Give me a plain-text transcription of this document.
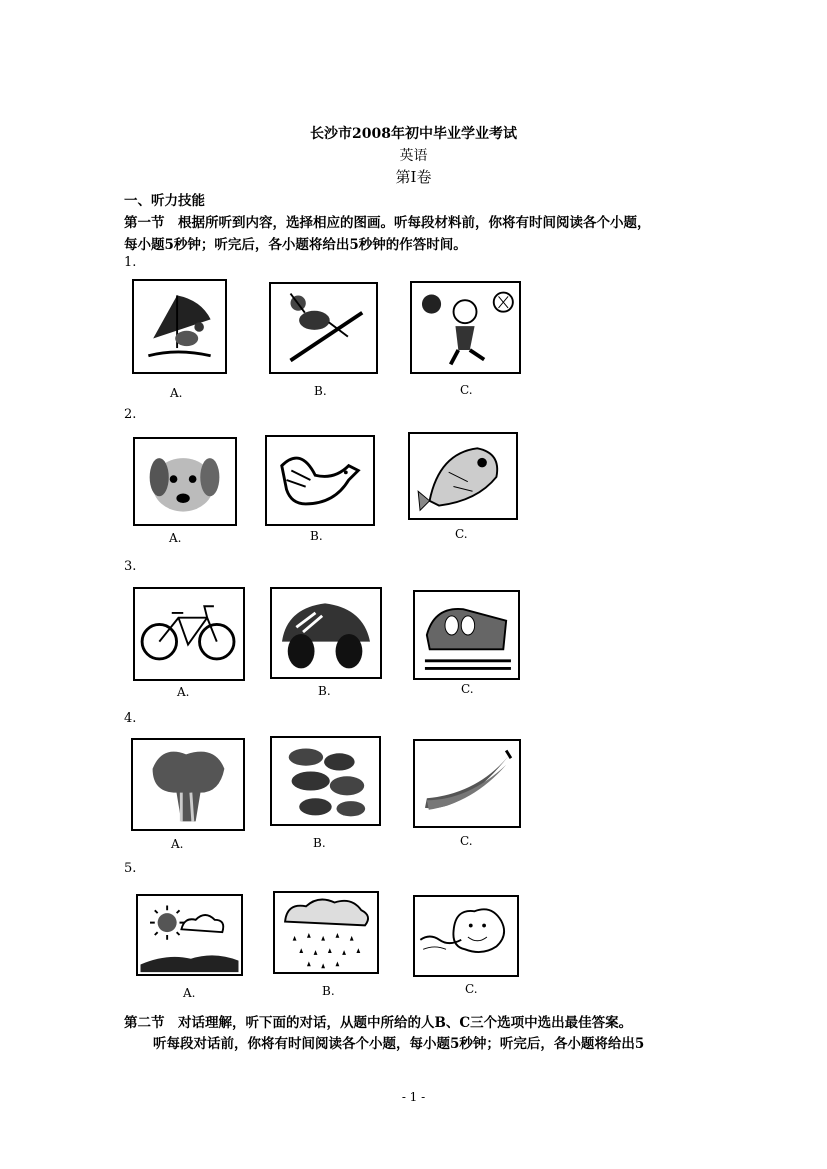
长沙市2008年初中毕业学业考试
英语
第Ⅰ卷
一、听力技能
第一节　根据所听到内容，选择相应的图画。听每段材料前，你将有时间阅读各个小题，
每小题5秒钟；听完后，各小题将给出5秒钟的作答时间。
1.
A.	B.	C.
2.
A.	B.	C.
3.
A.	B.	C.
4.
A.	B.	C.
5.
A.	B.	C.
第二节　对话理解，听下面的对话，从题中所给的人B、C三个选项中选出最佳答案。
听每段对话前，你将有时间阅读各个小题，每小题5秒钟；听完后，各小题将给出5
- 1 -
